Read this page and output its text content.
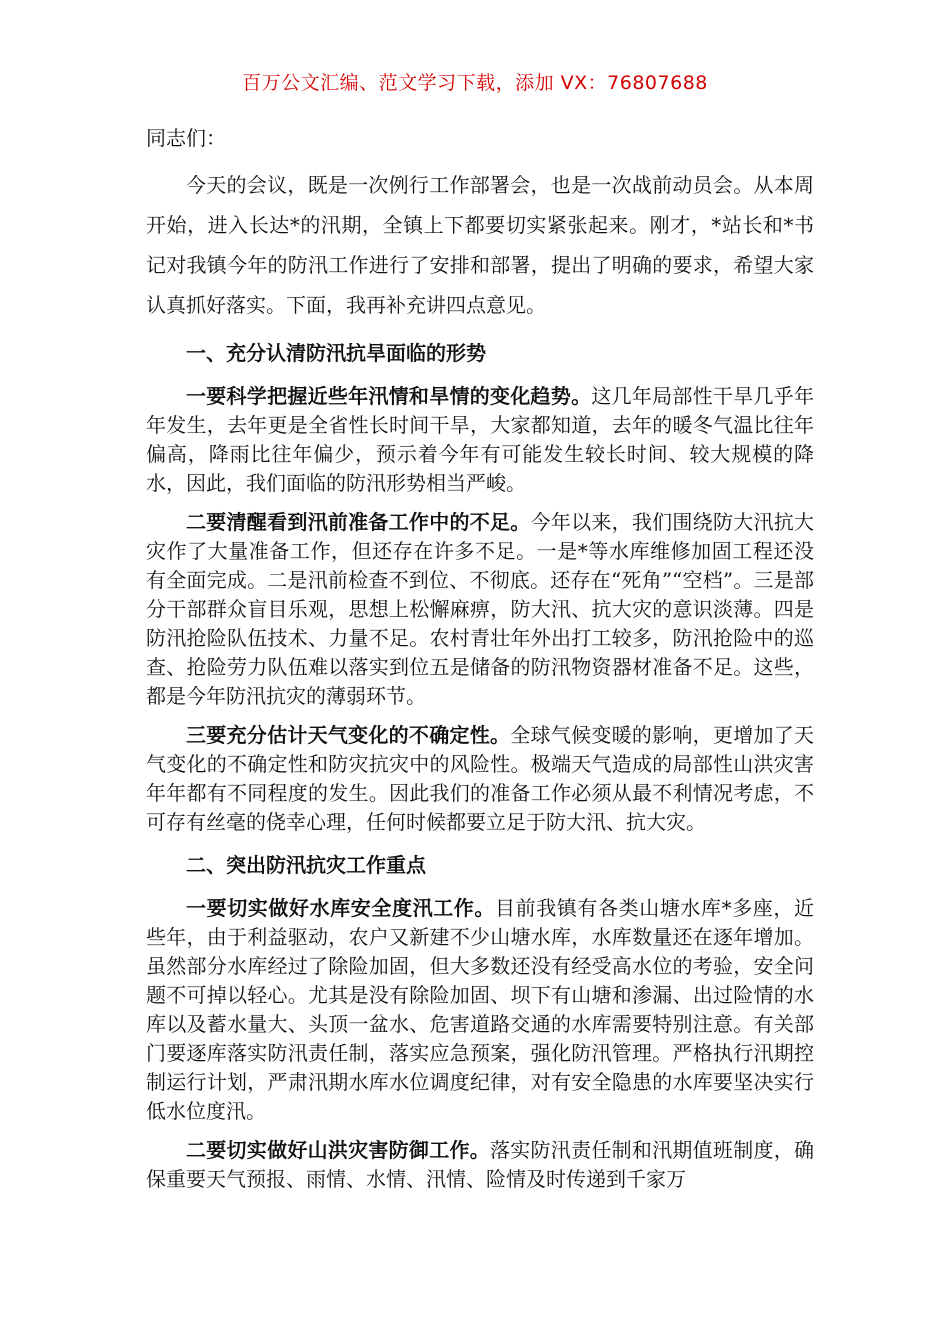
百万公文汇编、范文学习下载，添加 VX：76807688

同志们：

今天的会议，既是一次例行工作部署会，也是一次战前动员会。从本周开始，进入长达*的汛期，全镇上下都要切实紧张起来。刚才，*站长和*书记对我镇今年的防汛工作进行了安排和部署，提出了明确的要求，希望大家认真抓好落实。下面，我再补充讲四点意见。

一、充分认清防汛抗旱面临的形势

一要科学把握近些年汛情和旱情的变化趋势。这几年局部性干旱几乎年年发生，去年更是全省性长时间干旱，大家都知道，去年的暖冬气温比往年偏高，降雨比往年偏少，预示着今年有可能发生较长时间、较大规模的降水，因此，我们面临的防汛形势相当严峻。

二要清醒看到汛前准备工作中的不足。今年以来，我们围绕防大汛抗大灾作了大量准备工作，但还存在许多不足。一是*等水库维修加固工程还没有全面完成。二是汛前检查不到位、不彻底。还存在“死角”“空档”。三是部分干部群众盲目乐观，思想上松懈麻痹，防大汛、抗大灾的意识淡薄。四是防汛抢险队伍技术、力量不足。农村青壮年外出打工较多，防汛抢险中的巡查、抢险劳力队伍难以落实到位五是储备的防汛物资器材准备不足。这些，都是今年防汛抗灾的薄弱环节。

三要充分估计天气变化的不确定性。全球气候变暖的影响，更增加了天气变化的不确定性和防灾抗灾中的风险性。极端天气造成的局部性山洪灾害年年都有不同程度的发生。因此我们的准备工作必须从最不利情况考虑，不可存有丝毫的侥幸心理，任何时候都要立足于防大汛、抗大灾。

二、突出防汛抗灾工作重点

一要切实做好水库安全度汛工作。目前我镇有各类山塘水库*多座，近些年，由于利益驱动，农户又新建不少山塘水库，水库数量还在逐年增加。虽然部分水库经过了除险加固，但大多数还没有经受高水位的考验，安全问题不可掉以轻心。尤其是没有除险加固、坝下有山塘和渗漏、出过险情的水库以及蓄水量大、头顶一盆水、危害道路交通的水库需要特别注意。有关部门要逐库落实防汛责任制，落实应急预案，强化防汛管理。严格执行汛期控制运行计划，严肃汛期水库水位调度纪律，对有安全隐患的水库要坚决实行低水位度汛。

二要切实做好山洪灾害防御工作。落实防汛责任制和汛期值班制度，确保重要天气预报、雨情、水情、汛情、险情及时传递到千家万
